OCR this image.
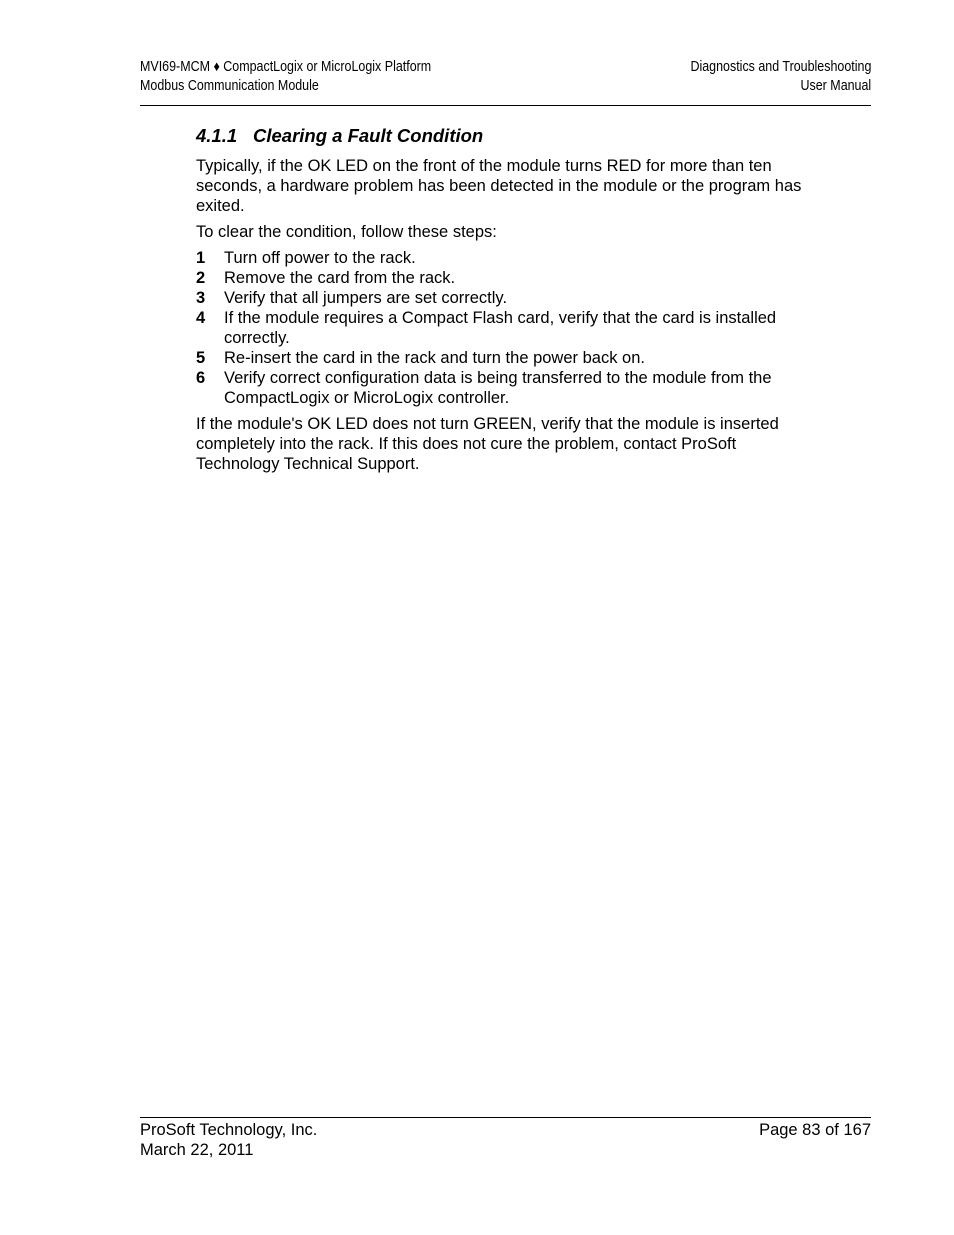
MVI69-MCM ♦ CompactLogix or MicroLogix Platform
Modbus Communication Module
Diagnostics and Troubleshooting
User Manual
4.1.1 Clearing a Fault Condition

Typically, if the OK LED on the front of the module turns RED for more than ten seconds, a hardware problem has been detected in the module or the program has exited.

To clear the condition, follow these steps:

1 Turn off power to the rack.
2 Remove the card from the rack.
3 Verify that all jumpers are set correctly.
4 If the module requires a Compact Flash card, verify that the card is installed correctly.
5 Re-insert the card in the rack and turn the power back on.
6 Verify correct configuration data is being transferred to the module from the CompactLogix or MicroLogix controller.

If the module's OK LED does not turn GREEN, verify that the module is inserted completely into the rack. If this does not cure the problem, contact ProSoft Technology Technical Support.

ProSoft Technology, Inc.
March 22, 2011
Page 83 of 167
